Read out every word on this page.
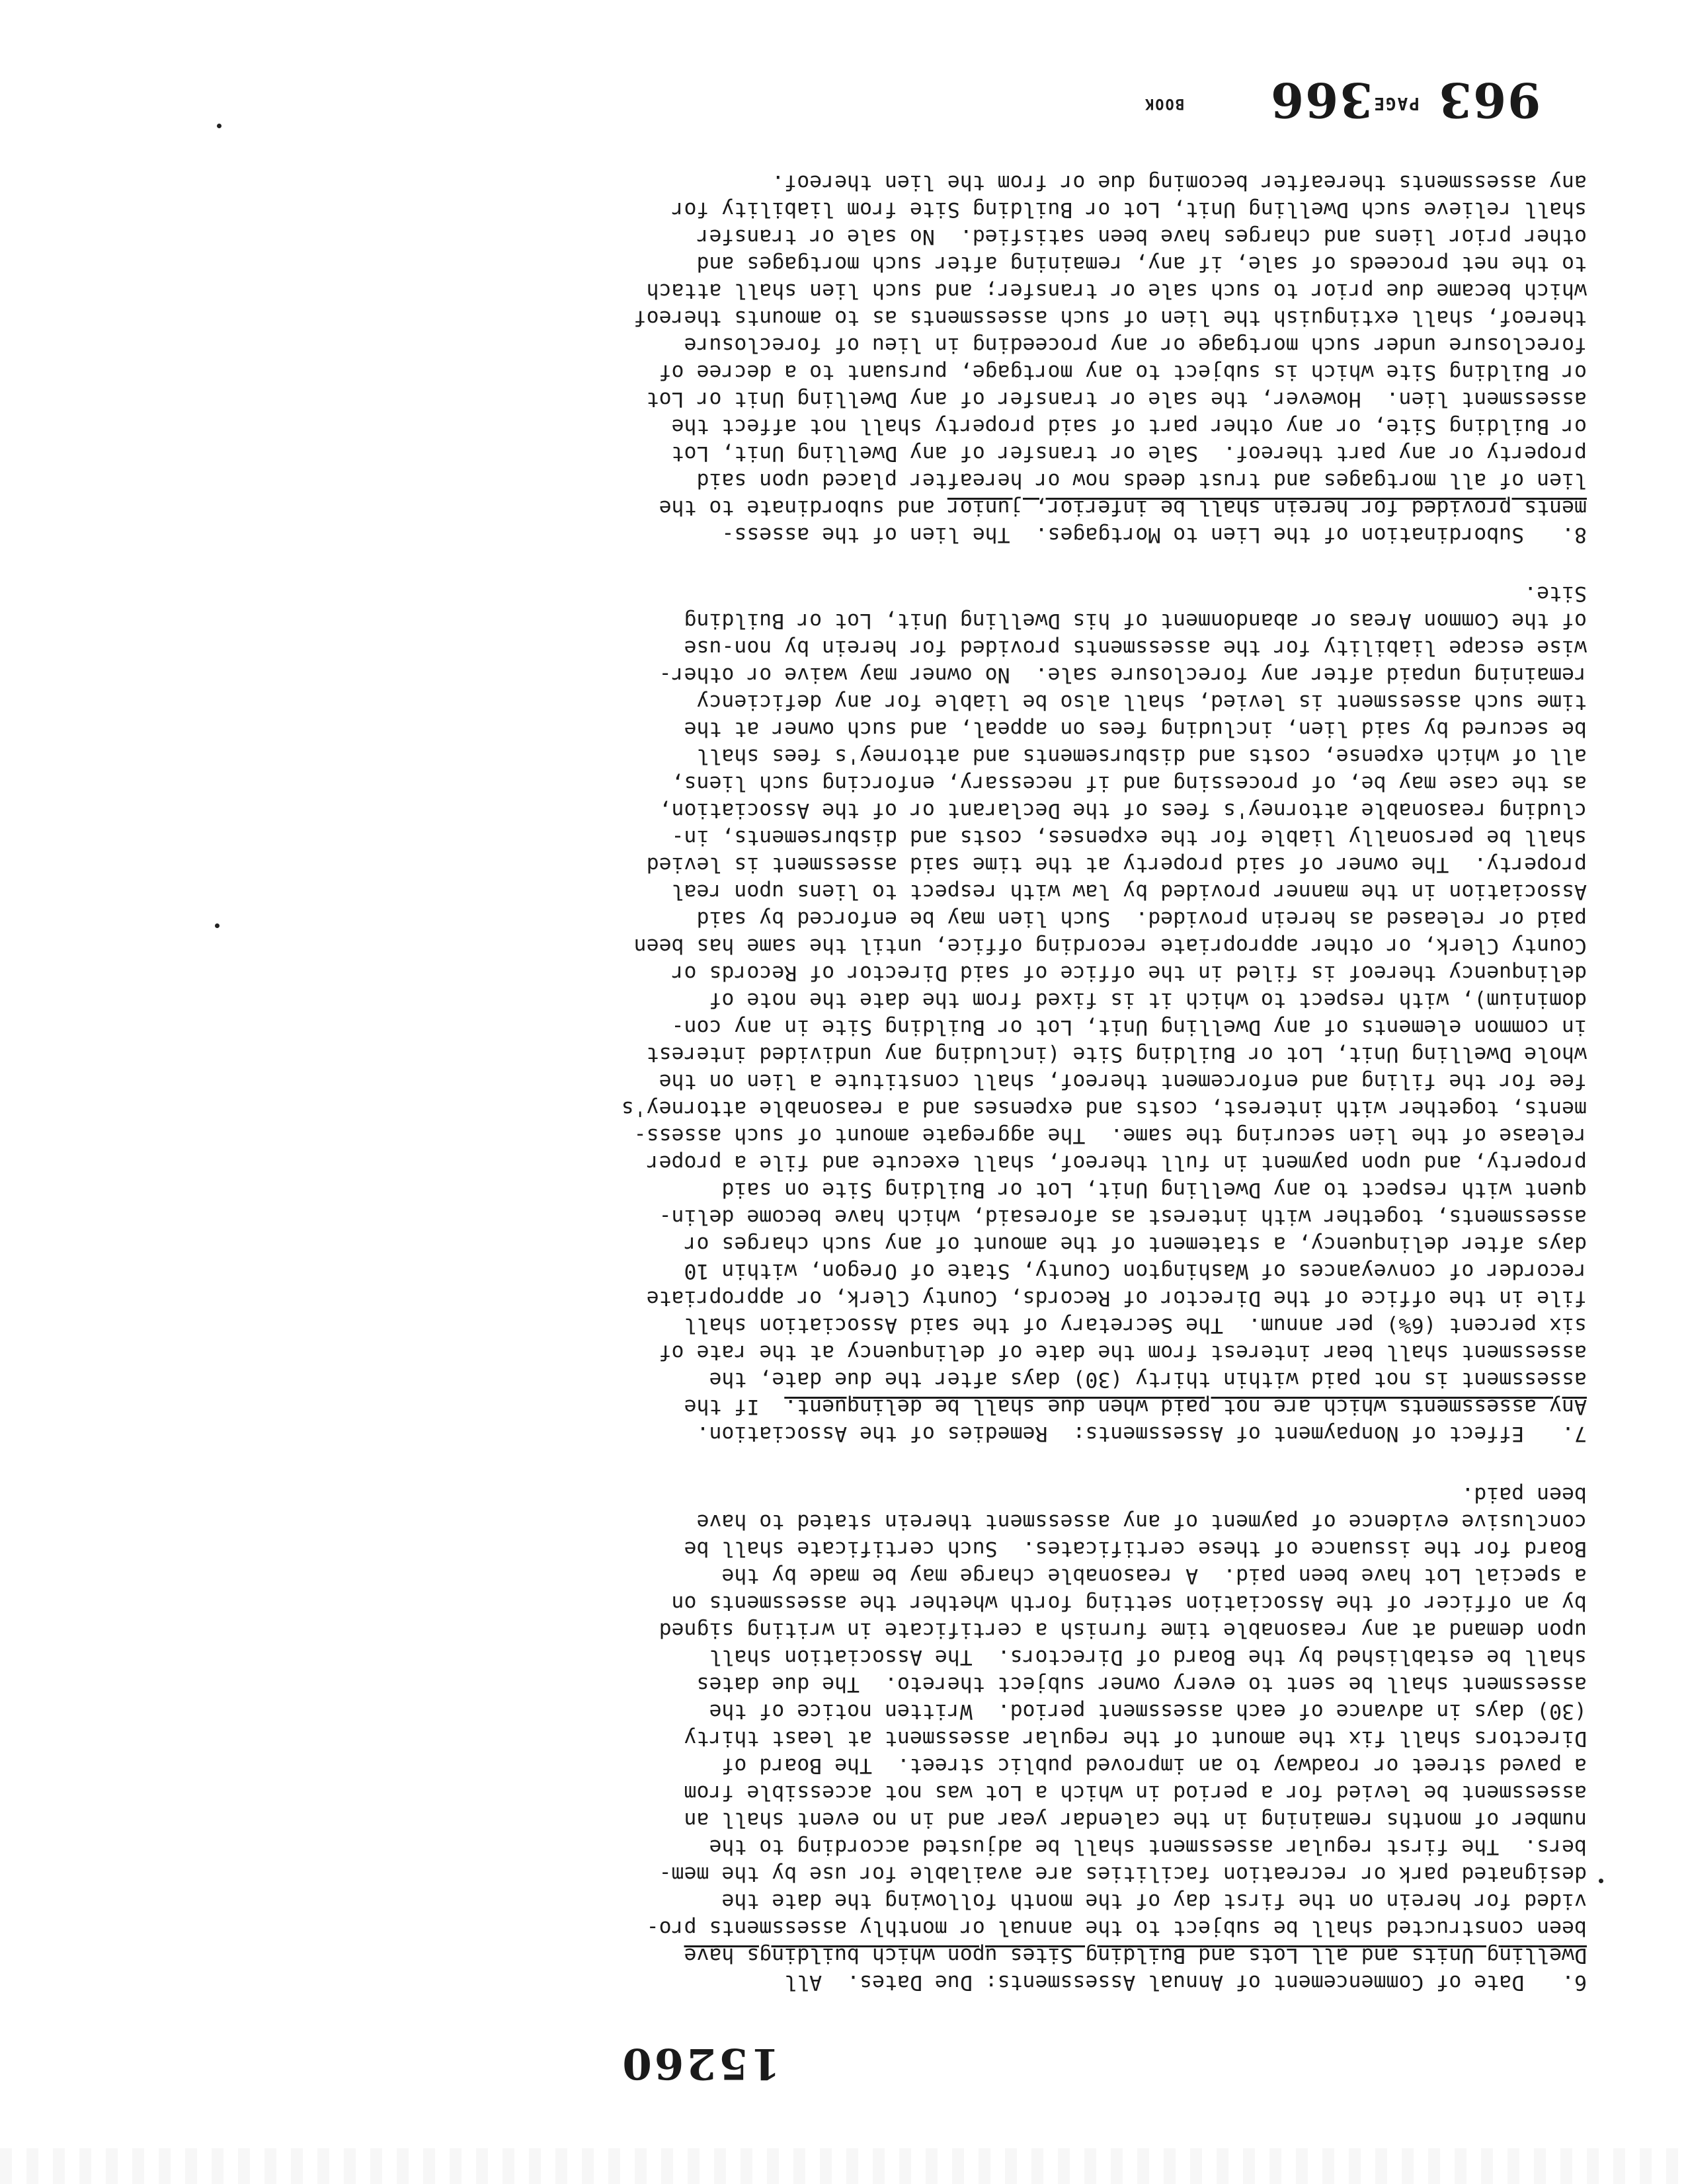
15260
6.   Date of Commencement of Annual Assessments: Due Dates.  All
Dwelling Units and all Lots and Building Sites upon which buildings have
been constructed shall be subject to the annual or monthly assessments pro-
vided for herein on the first day of the month following the date the
designated park or recreation facilities are available for use by the mem-
bers.  The first regular assessment shall be adjusted according to the
number of months remaining in the calendar year and in no event shall an
assessment be levied for a period in which a Lot was not accessible from
a paved street or roadway to an improved public street.  The Board of
Directors shall fix the amount of the regular assessment at least thirty
(30) days in advance of each assessment period.  Written notice of the
assessment shall be sent to every owner subject thereto.  The due dates
shall be established by the Board of Directors.  The Association shall
upon demand at any reasonable time furnish a certificate in writing signed
by an officer of the Association setting forth whether the assessments on
a special Lot have been paid.  A reasonable charge may be made by the
Board for the issuance of these certificates.  Such certificate shall be
conclusive evidence of payment of any assessment therein stated to have
been paid.
7.   Effect of Nonpayment of Assessments:  Remedies of the Association.
Any assessments which are not paid when due shall be delinquent.  If the
assessment is not paid within thirty (30) days after the due date, the
assessment shall bear interest from the date of delinquency at the rate of
six percent (6%) per annum.  The Secretary of the said Association shall
file in the office of the Director of Records, County Clerk, or appropriate
recorder of conveyances of Washington County, State of Oregon, within 10
days after delinquency, a statement of the amount of any such charges or
assessments, together with interest as aforesaid, which have become delin-
quent with respect to any Dwelling Unit, Lot or Building Site on said
property, and upon payment in full thereof, shall execute and file a proper
release of the lien securing the same.  The aggregate amount of such assess-
ments, together with interest, costs and expenses and a reasonable attorney's
fee for the filing and enforcement thereof, shall constitute a lien on the
whole Dwelling Unit, Lot or Building Site (including any undivided interest
in common elements of any Dwelling Unit, Lot or Building Site in any con-
dominium), with respect to which it is fixed from the date the note of
delinquency thereof is filed in the office of said Director of Records or
County Clerk, or other appropriate recording office, until the same has been
paid or released as herein provided.  Such lien may be enforced by said
Association in the manner provided by law with respect to liens upon real
property.  The owner of said property at the time said assessment is levied
shall be personally liable for the expenses, costs and disbursements, in-
cluding reasonable attorney's fees of the Declarant or of the Association,
as the case may be, of processing and if necessary, enforcing such liens,
all of which expense, costs and disbursements and attorney's fees shall
be secured by said lien, including fees on appeal, and such owner at the
time such assessment is levied, shall also be liable for any deficiency
remaining unpaid after any foreclosure sale.  No owner may waive or other-
wise escape liability for the assessments provided for herein by non-use
of the Common Areas or abandonment of his Dwelling Unit, Lot or Building
Site.
8.   Subordination of the Lien to Mortgages.  The lien of the assess-
ments provided for herein shall be inferior, junior and subordinate to the
lien of all mortgages and trust deeds now or hereafter placed upon said
property or any part thereof.  Sale or transfer of any Dwelling Unit, Lot
or Building Site, or any other part of said property shall not affect the
assessment lien.  However, the sale or transfer of any Dwelling Unit or Lot
or Building Site which is subject to any mortgage, pursuant to a decree of
foreclosure under such mortgage or any proceeding in lieu of foreclosure
thereof, shall extinguish the lien of such assessments as to amounts thereof
which became due prior to such sale or transfer; and such lien shall attach
to the net proceeds of sale, if any, remaining after such mortgages and
other prior liens and charges have been satisfied.  No sale or transfer
shall relieve such Dwelling Unit, Lot or Building Site from liability for
any assessments thereafter becoming due or from the lien thereof.
963 $^{PAGE}$366
BOOK
